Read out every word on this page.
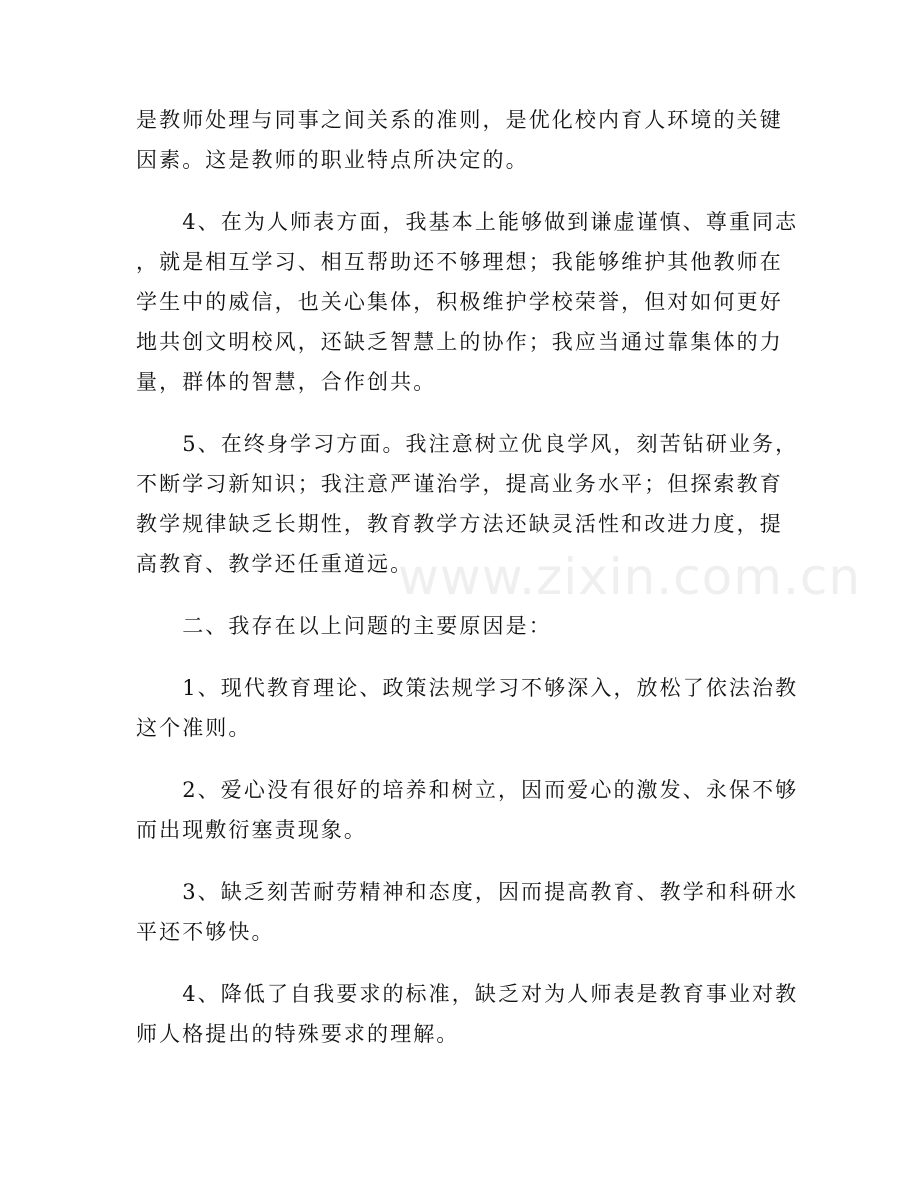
是教师处理与同事之间关系的准则，是优化校内育人环境的关键
因素。这是教师的职业特点所决定的。

　　4、在为人师表方面，我基本上能够做到谦虚谨慎、尊重同志
，就是相互学习、相互帮助还不够理想；我能够维护其他教师在
学生中的威信，也关心集体，积极维护学校荣誉，但对如何更好
地共创文明校风，还缺乏智慧上的协作；我应当通过靠集体的力
量，群体的智慧，合作创共。

　　5、在终身学习方面。我注意树立优良学风，刻苦钻研业务，
不断学习新知识；我注意严谨治学，提高业务水平；但探索教育
教学规律缺乏长期性，教育教学方法还缺灵活性和改进力度，提
高教育、教学还任重道远。

　　二、我存在以上问题的主要原因是：

　　1、现代教育理论、政策法规学习不够深入，放松了依法治教
这个准则。

　　2、爱心没有很好的培养和树立，因而爱心的激发、永保不够
而出现敷衍塞责现象。

　　3、缺乏刻苦耐劳精神和态度，因而提高教育、教学和科研水
平还不够快。

　　4、降低了自我要求的标准，缺乏对为人师表是教育事业对教
师人格提出的特殊要求的理解。

www.zixin.com.cn
